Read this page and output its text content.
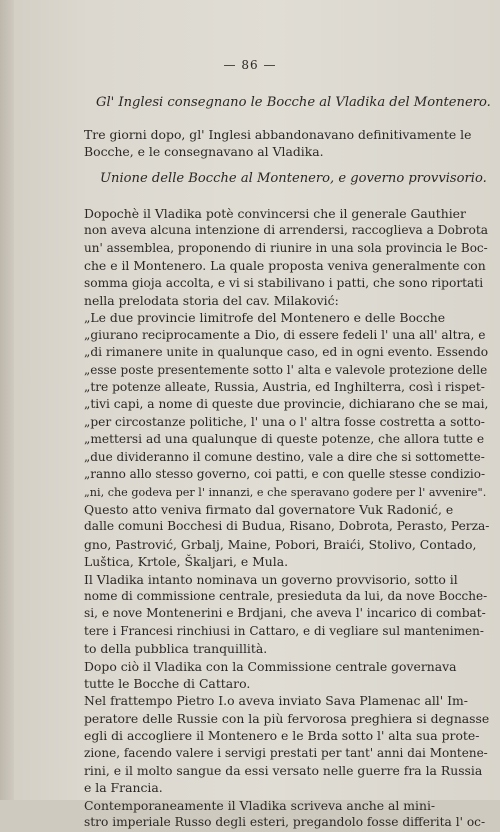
— 86 —
Gl' Inglesi consegnano le Bocche al Vladika del Montenero.
Tre giorni dopo, gl' Inglesi abbandonavano definitivamente le
Bocche, e le consegnavano al Vladika.
Unione delle Bocche al Montenero, e governo provvisorio.
Dopochè il Vladika potè convincersi che il generale Gauthier
non aveva alcuna intenzione di arrendersi, raccoglieva a Dobrota
un' assemblea, proponendo di riunire in una sola provincia le Boc-
che e il Montenero. La quale proposta veniva generalmente con
somma gioja accolta, e vi si stabilivano i patti, che sono riportati
nella prelodata storia del cav. Milaković:
„Le due provincie limitrofe del Montenero e delle Bocche
„giurano reciprocamente a Dio, di essere fedeli l' una all' altra, e
„di rimanere unite in qualunque caso, ed in ogni evento. Essendo
„esse poste presentemente sotto l' alta e valevole protezione delle
„tre potenze alleate, Russia, Austria, ed Inghilterra, così i rispet-
„tivi capi, a nome di queste due provincie, dichiarano che se mai,
„per circostanze politiche, l' una o l' altra fosse costretta a sotto-
„mettersi ad una qualunque di queste potenze, che allora tutte e
„due divideranno il comune destino, vale a dire che si sottomette-
„ranno allo stesso governo, coi patti, e con quelle stesse condizio-
„ni, che godeva per l' innanzi, e che speravano godere per l' avvenire".
Questo atto veniva firmato dal governatore Vuk Radonić, e
dalle comuni Bocchesi di Budua, Risano, Dobrota, Perasto, Perza-
gno, Pastrović, Grbalj, Maine, Pobori, Braići, Stolivo, Contado,
Luštica, Krtole, Škaljari, e Mula.
Il Vladika intanto nominava un governo provvisorio, sotto il
nome di commissione centrale, presieduta da lui, da nove Bocche-
si, e nove Montenerini e Brdjani, che aveva l' incarico di combat-
tere i Francesi rinchiusi in Cattaro, e di vegliare sul mantenimen-
to della pubblica tranquillità.
Dopo ciò il Vladika con la Commissione centrale governava
tutte le Bocche di Cattaro.
Nel frattempo Pietro I.o aveva inviato Sava Plamenac all' Im-
peratore delle Russie con la più fervorosa preghiera si degnasse
egli di accogliere il Montenero e le Brda sotto l' alta sua prote-
zione, facendo valere i servigi prestati per tant' anni dai Montene-
rini, e il molto sangue da essi versato nelle guerre fra la Russia
e la Francia.
Contemporaneamente il Vladika scriveva anche al mini-
stro imperiale Russo degli esteri, pregandolo fosse differita l' oc-
